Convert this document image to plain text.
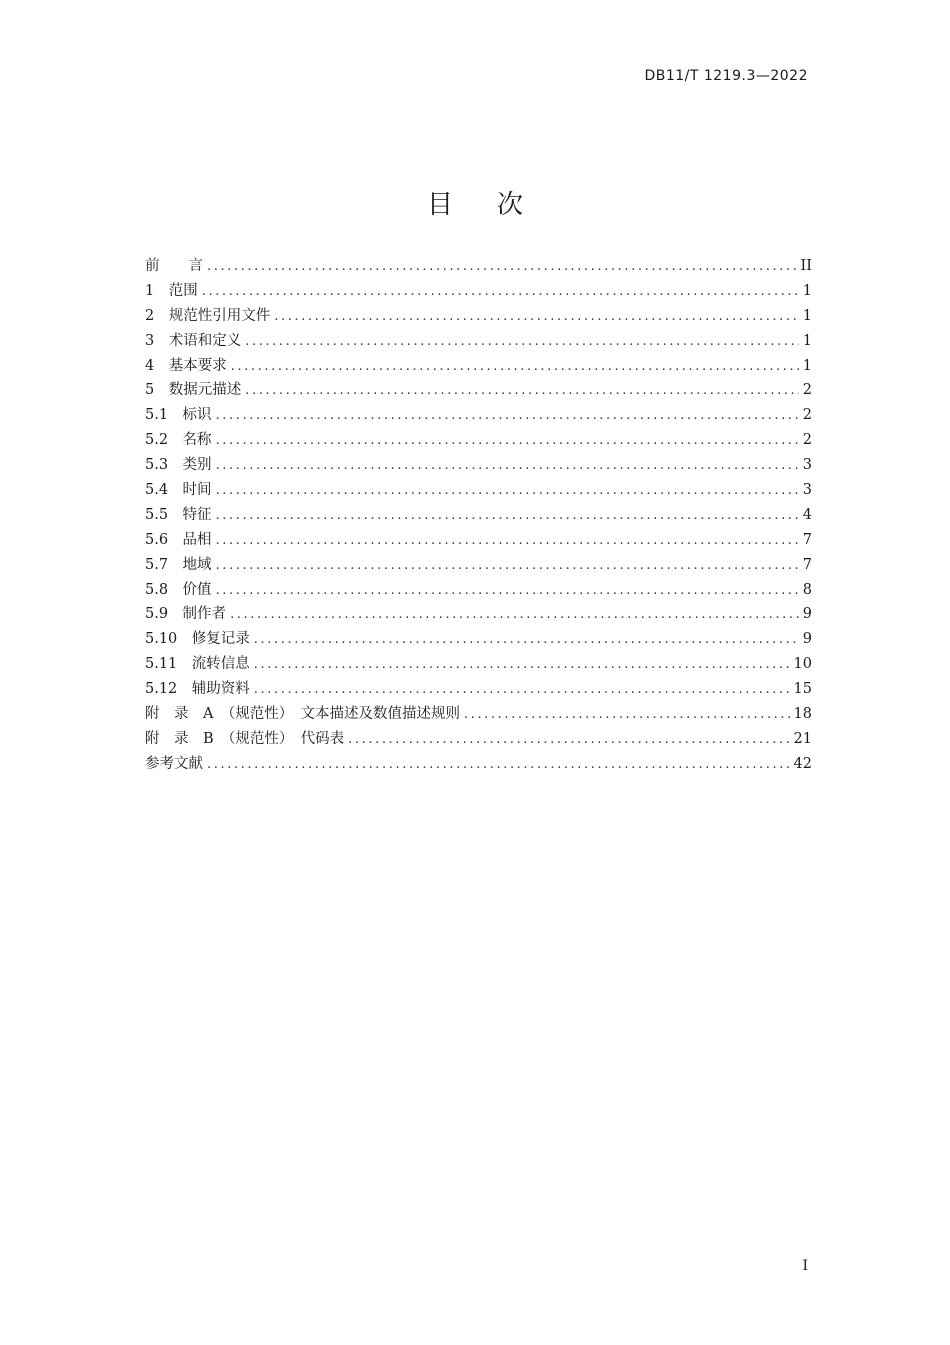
DB11/T 1219.3—2022
目次
前　　言 .....	II
1　范围 .....	1
2　规范性引用文件 .....	1
3　术语和定义 .....	1
4　基本要求 .....	1
5　数据元描述 .....	2
5.1　标识 .....	2
5.2　名称 .....	2
5.3　类别 .....	3
5.4　时间 .....	3
5.5　特征 .....	4
5.6　品相 .....	7
5.7　地域 .....	7
5.8　价值 .....	8
5.9　制作者 .....	9
5.10　修复记录 .....	9
5.11　流转信息 .....	10
5.12　辅助资料 .....	15
附　录　A　（规范性）　文本描述及数值描述规则 .....	18
附　录　B　（规范性）　代码表 .....	21
参考文献 .....	42
I
